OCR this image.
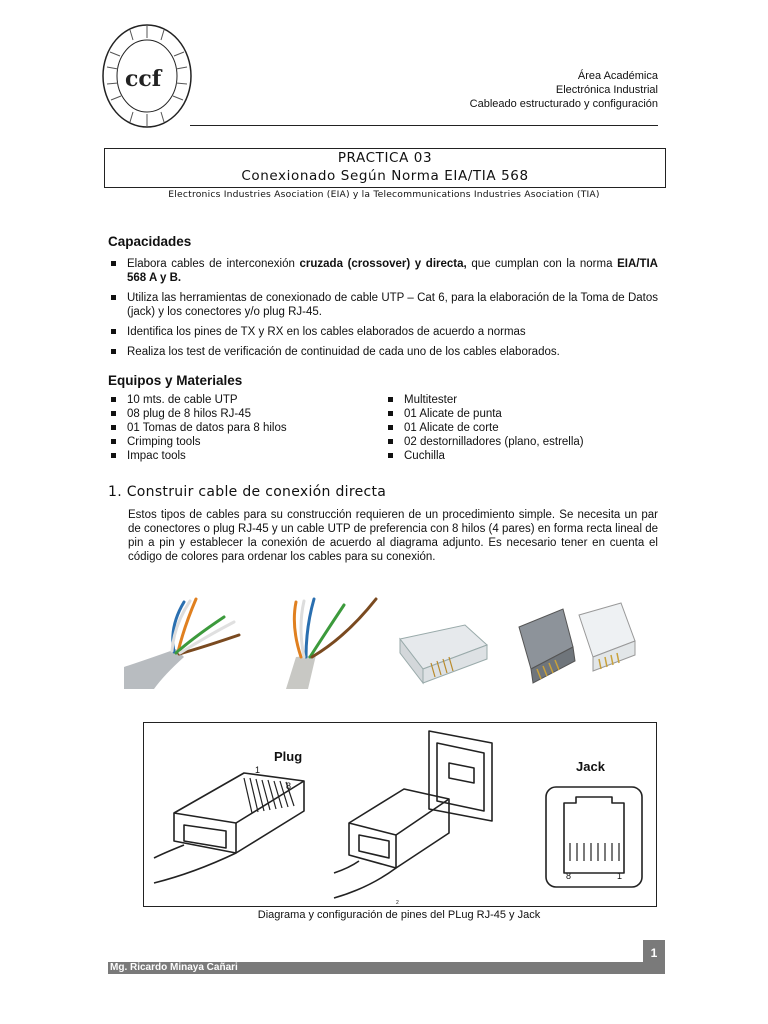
ccf	Área Académica
Electrónica Industrial
Cableado estructurado y configuración
PRACTICA 03
Conexionado Según Norma EIA/TIA 568
Electronics Industries Asociation (EIA) y la Telecommunications Industries Asociation (TIA)
Capacidades
Elabora cables de interconexión cruzada (crossover) y directa, que cumplan con la norma EIA/TIA 568 A y B.
Utiliza las herramientas de conexionado de cable UTP – Cat 6, para la elaboración de la Toma de Datos (jack) y los conectores y/o plug RJ-45.
Identifica los pines de TX y RX en los cables elaborados de acuerdo a normas
Realiza los test de verificación de continuidad de cada uno de los cables elaborados.
Equipos y Materiales
10 mts. de cable UTP
08 plug de 8 hilos RJ-45
01 Tomas de datos para 8 hilos
Crimping tools
Impac tools
Multitester
01 Alicate de punta
01 Alicate de corte
02 destornilladores (plano, estrella)
Cuchilla
1. Construir cable de conexión directa
Estos tipos de cables para su construcción requieren de un procedimiento simple. Se necesita un par de conectores o plug RJ-45 y un cable UTP de preferencia con 8 hilos (4 pares) en forma recta lineal de pin a pin y establecer la conexión de acuerdo al diagrama adjunto. Es necesario tener en cuenta el código de colores para ordenar los cables para su conexión.
Plug
Jack
1
8
8	1
2
Diagrama y configuración de pines del PLug RJ-45 y Jack
Mg. Ricardo Minaya Cañari
1
